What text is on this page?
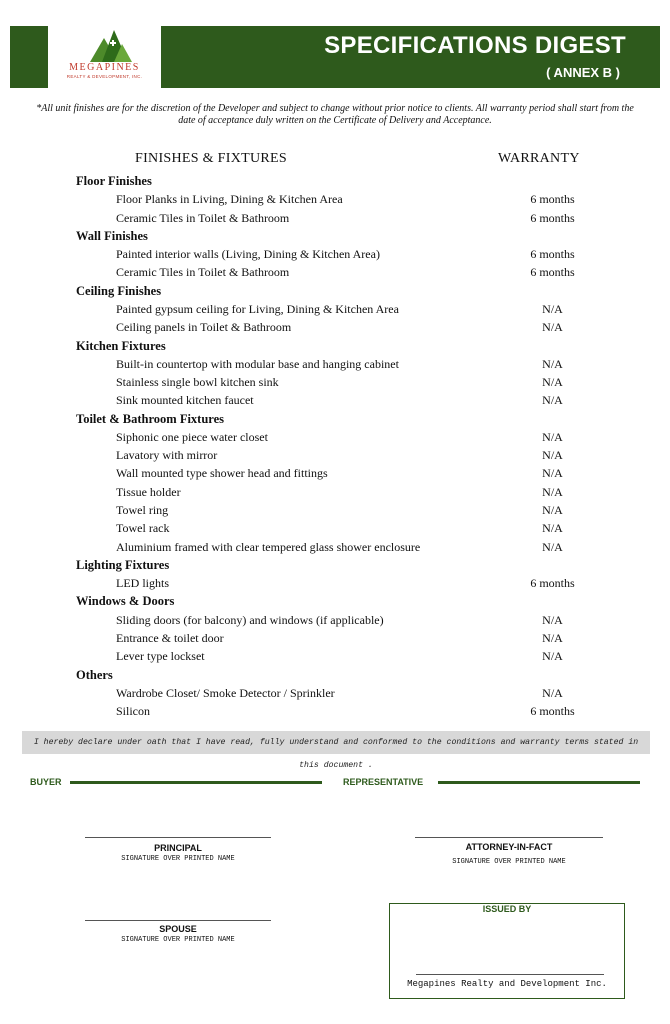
MEGAPINES
REALTY & DEVELOPMENT, INC.
SPECIFICATIONS DIGEST
( ANNEX B )
*All unit finishes are for the discretion of the Developer and subject to change without prior notice to clients. All warranty period shall start from the date of acceptance duly written on the Certificate of Delivery and Acceptance.
FINISHES & FIXTURES	WARRANTY
Floor Finishes
Floor Planks in Living, Dining & Kitchen Area	6 months
Ceramic Tiles in Toilet & Bathroom	6 months
Wall Finishes
Painted interior walls (Living, Dining & Kitchen Area)	6 months
Ceramic Tiles in Toilet & Bathroom	6 months
Ceiling Finishes
Painted gypsum ceiling for Living, Dining & Kitchen Area	N/A
Ceiling panels in Toilet & Bathroom	N/A
Kitchen Fixtures
Built-in countertop with modular base and hanging cabinet	N/A
Stainless single bowl kitchen sink	N/A
Sink mounted kitchen faucet	N/A
Toilet & Bathroom Fixtures
Siphonic one piece water closet	N/A
Lavatory with mirror	N/A
Wall mounted type shower head and fittings	N/A
Tissue holder	N/A
Towel ring	N/A
Towel rack	N/A
Aluminium framed with clear tempered glass shower enclosure	N/A
Lighting Fixtures
LED lights	6 months
Windows & Doors
Sliding doors (for balcony) and windows (if applicable)	N/A
Entrance & toilet door	N/A
Lever type lockset	N/A
Others
Wardrobe Closet/ Smoke Detector / Sprinkler	N/A
Silicon	6 months
I hereby declare under oath that I have read, fully understand and conformed to the conditions and warranty terms stated in this document .
BUYER	REPRESENTATIVE
PRINCIPAL
SIGNATURE OVER PRINTED NAME
ATTORNEY-IN-FACT
SIGNATURE OVER PRINTED NAME
SPOUSE
SIGNATURE OVER PRINTED NAME
ISSUED BY
Megapines Realty and Development Inc.
